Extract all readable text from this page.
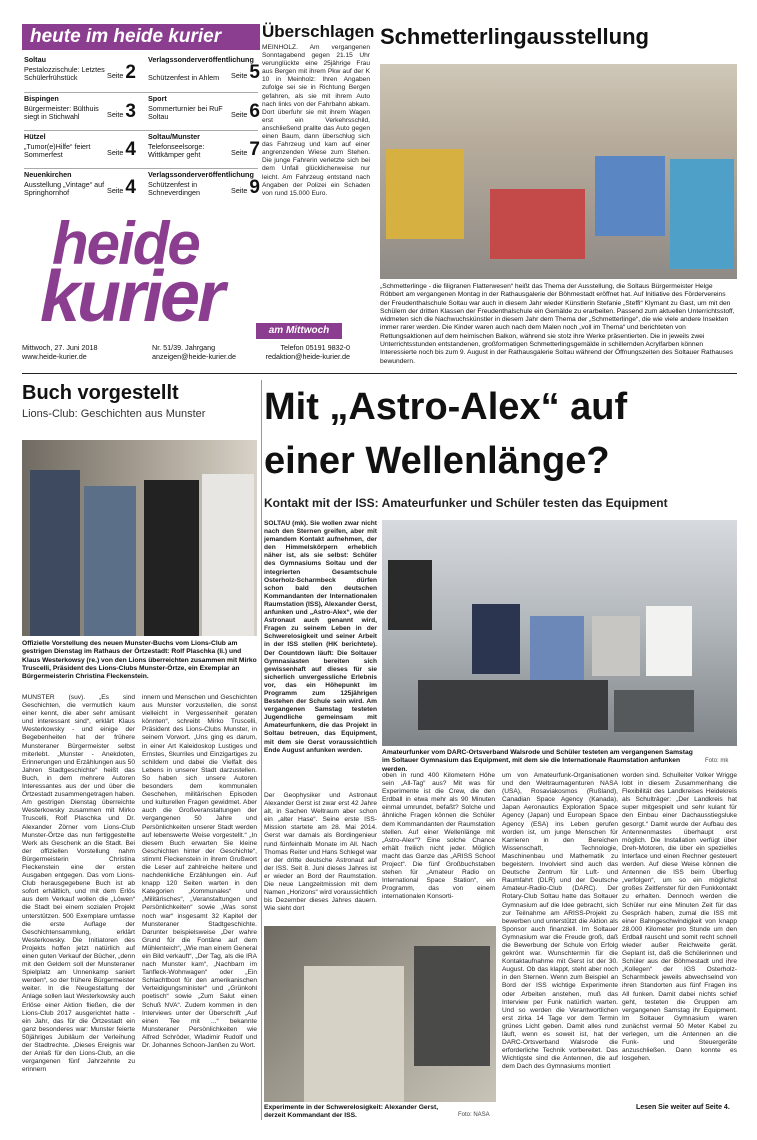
heute im heide kurier
Soltau
Pestalozzischule: Letztes Schülerfrühstück	Seite 2
Verlagssonderveröffentlichung
Schützenfest in Ahlem	Seite 5
Bispingen
Bürgermeister: Bülthuis siegt in Stichwahl	Seite 3
Sport
Sommerturnier bei RuF Soltau	Seite 6
Hützel
„Tumor(e)Hilfe“ feiert Sommerfest	Seite 4
Soltau/Munster
Telefonseelsorge: Wittkämper geht	Seite 7
Neuenkirchen
Ausstellung „Vintage“ auf Springhornhof	Seite 4
Verlagssonderveröffentlichung
Schützenfest in Schneverdingen	Seite 9
heide
kurier	am Mittwoch
Mittwoch, 27. Juni 2018
www.heide-kurier.de
Nr. 51/39. Jahrgang
anzeigen@heide-kurier.de
Telefon 05191 9832-0
redaktion@heide-kurier.de
Überschlagen
MEINHOLZ. Am vergangenen Sonntagabend gegen 21.15 Uhr verunglückte eine 25jährige Frau aus Bergen mit ihrem Pkw auf der K 10 in Meinholz: Ihren Angaben zufolge sei sie in Richtung Bergen gefahren, als sie mit ihrem Auto nach links von der Fahrbahn abkam. Dort überfuhr sie mit ihrem Wagen erst ein Verkehrsschild, anschließend prallte das Auto gegen einen Baum, dann überschlug sich das Fahrzeug und kam auf einer angrenzenden Wiese zum Stehen. Die junge Fahrerin verletzte sich bei dem Unfall glücklicherweise nur leicht. Am Fahrzeug entstand nach Angaben der Polizei ein Schaden von rund 15.000 Euro.
Schmetterlingausstellung
„Schmetterlinge - die filigranen Flatterwesen“ heißt das Thema der Ausstellung, die Soltaus Bürgermeister Helge Röbbert am vergangenen Montag in der Rathausgalerie der Böhmestadt eröffnet hat. Auf Initiative des Fördervereins der Freudenthalschule Soltau war auch in diesem Jahr wieder Künstlerin Stefanie „Steffi“ Klymant zu Gast, um mit den Schülern der dritten Klassen der Freudenthalschule ein Gemälde zu erarbeiten. Passend zum aktuellen Unterrichtsstoff, widmeten sich die Nachwuchskünstler in diesem Jahr dem Thema der „Schmetterlinge“, die wie viele andere Insekten immer rarer werden. Die Kinder waren auch nach dem Malen noch „voll im Thema“ und berichteten von Rettungsaktionen auf dem heimischen Balkon, während sie stolz ihre Werke präsentierten. Die in jeweils zwei Unterrichtsstunden entstandenen, großformatigen Schmetterlingsgemälde in schillernden Acrylfarben können Interessierte noch bis zum 9. August in der Rathausgalerie Soltau während der Öffnungszeiten des Soltauer Rathauses bewundern.
Buch vorgestellt
Lions-Club: Geschichten aus Munster
Offizielle Vorstellung des neuen Munster-Buchs vom Lions-Club am gestrigen Dienstag im Rathaus der Örtzestadt: Rolf Plaschka (li.) und Klaus Westerkowsy (re.) von den Lions überreichten zusammen mit Mirko Truscelli, Präsident des Lions-Clubs Munster-Örtze, ein Exemplar an Bürgermeisterin Christina Fleckenstein.
MUNSTER (suv). „Es sind Geschichten, die vermutlich kaum einer kennt, die aber sehr amüsant und interessant sind“, erklärt Klaus Westerkowsky - und einige der Begebenheiten hat der frühere Munsteraner Bürgermeister selbst miterlebt. „Munster - Anekdoten, Erinnerungen und Erzählungen aus 50 Jahren Stadtgeschichte“ heißt das Buch, in dem mehrere Autoren Interessantes aus der und über die Örtzestadt zusammengetragen haben. Am gestrigen Dienstag überreichte Westerkowsky zusammen mit Mirko Truscelli, Rolf Plaschka und Dr. Alexander Zörner vom Lions-Club Munster-Örtze das nun fertiggestellte Werk als Geschenk an die Stadt. Bei der offiziellen Vorstellung nahm Bürgermeisterin Christina Fleckenstein eine der ersten Ausgaben entgegen. Das vom Lions-Club herausgegebene Buch ist ab sofort erhältlich, und mit dem Erlös aus dem Verkauf wollen die „Löwen“ die Stadt bei einem sozialen Projekt unterstützen. 500 Exemplare umfasse die erste Auflage der Geschichtensammlung, erklärt Westerkowsky. Die Initiatoren des Projekts hoffen jetzt natürlich auf einen guten Verkauf der Bücher, „denn mit den Geldern soll der Munsteraner Spielplatz am Unnenkamp saniert werden“, so der frühere Bürgermeister weiter. In die Neugestaltung der Anlage sollen laut Westerkowsky auch Erlöse einer Aktion fließen, die der Lions-Club 2017 ausgerichtet hatte - ein Jahr, das für die Örtzestadt ein ganz besonderes war: Munster feierte 50jähriges Jubiläum der Verleihung der Stadtrechte. „Dieses Ereignis war der Anlaß für den Lions-Club, an die vergangenen fünf Jahrzehnte zu erinnern
innern und Menschen und Geschichten aus Munster vorzustellen, die sonst vielleicht in Vergessenheit geraten könnten“, schreibt Mirko Truscelli, Präsident des Lions-Clubs Munster, in seinem Vorwort. „Uns ging es darum, in einer Art Kaleidoskop Lustiges und Ernstes, Skurriles und Einzigartiges zu schildern und dabei die Vielfalt des Lebens in unserer Stadt darzustellen. So haben sich unsere Autoren besonders dem kommunalen Geschehen, militärischen Episoden und kulturellen Fragen gewidmet. Aber auch die Großveranstaltungen der vergangenen 50 Jahre und Persönlichkeiten unserer Stadt werden auf lebenswerte Weise vorgestellt.“ „In diesem Buch erwarten Sie kleine Geschichten hinter der Geschichte“, stimmt Fleckenstein in ihrem Grußwort die Leser auf zahlreiche heitere und nachdenkliche Erzählungen ein. Auf knapp 120 Seiten warten in den Kategorien „Kommunales“ und „Militärisches“, „Veranstaltungen und Persönlichkeiten“ sowie „Was sonst noch war“ insgesamt 32 Kapitel der Munsteraner Stadtgeschichte. Darunter beispielsweise „Der wahre Grund für die Fontäne auf dem Mühlenteich“, „Wie man einem General ein Bild verkauft“, „Der Tag, als die IRA nach Munster kam“, „Nachbarn im Tanfleck-Wohnwagen“ oder „Ein Schlachtboot für den amerikanischen Verteidigungsminister“ und „Grünkohl poetisch“ sowie „Zum Salut einen Schuß NVA“. Zudem kommen in den Interviews unter der Überschrift „Auf einen Tee mit ...“ bekannte Munsteraner Persönlichkeiten wie Alfred Schröder, Wladimir Rudolf und Dr. Johannes Schoon-Janßen zu Wort.
Mit „Astro-Alex“ auf
einer Wellenlänge?
Kontakt mit der ISS: Amateurfunker und Schüler testen das Equipment
SOLTAU (mk). Sie wollen zwar nicht nach den Sternen greifen, aber mit jemandem Kontakt aufnehmen, der den Himmelskörpern erheblich näher ist, als sie selbst: Schüler des Gymnasiums Soltau und der integrierten Gesamtschule Osterholz-Scharmbeck dürfen schon bald den deutschen Kommandanten der Internationalen Raumstation (ISS), Alexander Gerst, anfunken und „Astro-Alex“, wie der Astronaut auch genannt wird, Fragen zu seinem Leben in der Schwerelosigkeit und seiner Arbeit in der ISS stellen (HK berichtete). Der Countdown läuft: Die Soltauer Gymnasiasten bereiten sich gewissenhaft auf dieses für sie sicherlich unvergessliche Erlebnis vor, das ein Höhepunkt im Programm zum 125jährigen Bestehen der Schule sein wird. Am vergangenen Samstag testeten Jugendliche gemeinsam mit Amateurfunkern, die das Projekt in Soltau betreuen, das Equipment, mit dem sie Gerst voraussichtlich Ende August anfunken werden.
Der Geophysiker und Astronaut Alexander Gerst ist zwar erst 42 Jahre alt, in Sachen Weltraum aber schon ein „alter Hase“. Seine erste ISS-Mission startete am 28. Mai 2014. Gerst war damals als Bordingenieur rund fünfeinhalb Monate im All. Nach Thomas Reiter und Hans Schlegel war er der dritte deutsche Astronaut auf der ISS. Seit 8. Juni dieses Jahres ist er wieder an Bord der Raumstation. Die neue Langzeitmission mit dem Namen „Horizons“ wird voraussichtlich bis Dezember dieses Jahres dauern. Wie sieht dort
Amateurfunker vom DARC-Ortsverband Walsrode und Schüler testeten am vergangenen Samstag im Soltauer Gymnasium das Equipment, mit dem sie die Internationale Raumstation anfunken werden.
Foto: mk
Experimente in der Schwerelosigkeit: Alexander Gerst, derzeit Kommandant der ISS.	Foto: NASA
oben in rund 400 Kilometern Höhe sein „All-Tag“ aus? Mit was für Experimente ist die Crew, die den Erdball in etwa mehr als 90 Minuten einmal umrundet, befaßt? Solche und ähnliche Fragen können die Schüler dem Kommandanten der Raumstation stellen. Auf einer Wellenlänge mit „Astro-Alex“? Eine solche Chance erhält freilich nicht jeder. Möglich macht das Ganze das „ARISS School Project“. Die fünf Großbuchstaben stehen für „Amateur Radio on International Space Station“, ein Programm, das von einem internationalen Konsorti-
um von Amateurfunk-Organisationen und den Weltraumagenturen NASA (USA), Rosaviakosmos (Rußland), Canadian Space Agency (Kanada), Japan Aeronautics Exploration Space Agency (Japan) und European Space Agency (ESA) ins Leben gerufen worden ist, um junge Menschen für Karrieren in den Bereichen Wissenschaft, Technologie, Maschinenbau und Mathematik zu begeistern. Involviert sind auch das Deutsche Zentrum für Luft- und Raumfahrt (DLR) und der Deutsche Amateur-Radio-Club (DARC). Der Rotary-Club Soltau hatte das Soltauer Gymnasium auf die Idee gebracht, sich zur Teilnahme am ARISS-Projekt zu bewerben und unterstützt die Aktion als Sponsor auch finanziell. Im Soltauer Gymnasium war die Freude groß, daß die Bewerbung der Schule von Erfolg gekrönt war. Wunschtermin für die Kontaktaufnahme mit Gerst ist der 30. August. Ob das klappt, steht aber noch in den Sternen. Wenn zum Beispiel an Bord der ISS wichtige Experimente oder Arbeiten anstehen, muß das Interview per Funk natürlich warten. Und so werden die Verantwortlichen erst zirka 14 Tage vor dem Termin grünes Licht geben. Damit alles rund läuft, wenn es soweit ist, hat der DARC-Ortsverband Walsrode die erforderliche Technik vorbereitet. Das Wichtigste sind die Antennen, die auf dem Dach des Gymnasiums montiert
worden sind. Schulleiter Volker Wrigge lobt in diesem Zusammenhang die Flexibilität des Landkreises Heidekreis als Schulträger: „Der Landkreis hat super mitgespielt und sehr kulant für den Einbau einer Dachausstiegsluke gesorgt.“ Damit wurde der Aufbau des Antennenmastes überhaupt erst möglich. Die Installation verfügt über Dreh-Motoren, die über ein spezielles Interface und einen Rechner gesteuert werden. Auf diese Weise können die Antennen die ISS beim Überflug „verfolgen“, um so ein möglichst großes Zeitfenster für den Funkkontakt zu erhalten. Dennoch werden die Schüler nur eine Minuten Zeit für das Gespräch haben, zumal die ISS mit einer Bahngeschwindigkeit von knapp 28.000 Kilometer pro Stunde um den Erdball rauscht und somit recht schnell wieder außer Reichweite gerät. Geplant ist, daß die Schülerinnen und Schüler aus der Böhmestadt und ihre „Kollegen“ der IGS Osterholz-Scharmbeck jeweils abwechselnd von ihren Standorten aus fünf Fragen ins All funken. Damit dabei nichts schief geht, testeten die Gruppen am vergangenen Samstag ihr Equipment. Im Soltauer Gymnasium waren zunächst vermal 50 Meter Kabel zu verlegen, um die Antennen an die Funk- und Steuergeräte anzuschließen. Dann konnte es losgehen.
Lesen Sie weiter auf Seite 4.
